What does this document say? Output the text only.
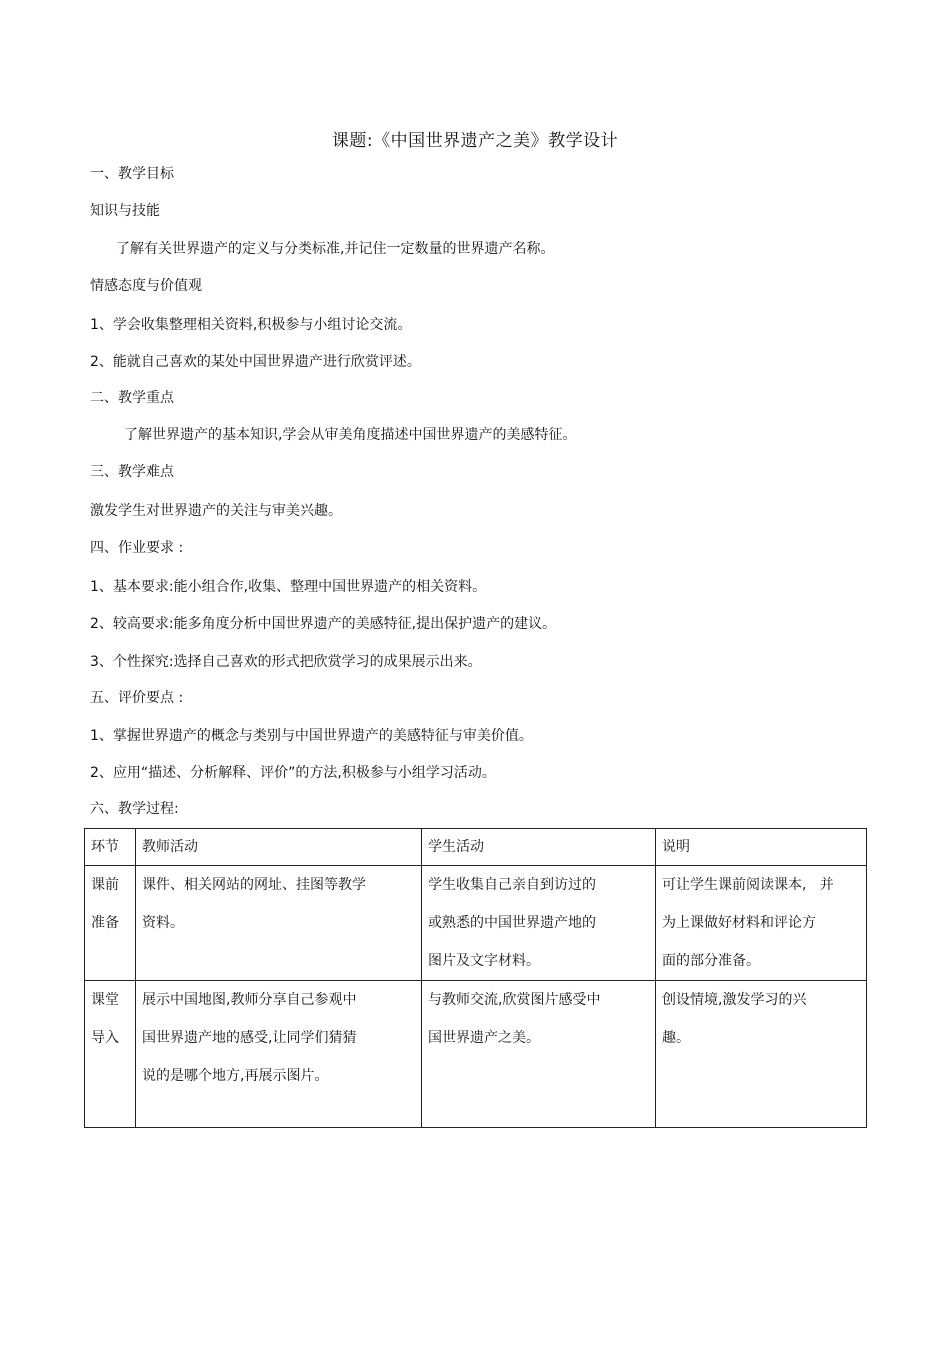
课题:《中国世界遗产之美》教学设计
一、教学目标
知识与技能
了解有关世界遗产的定义与分类标准,并记住一定数量的世界遗产名称。
情感态度与价值观
1、学会收集整理相关资料,积极参与小组讨论交流。
2、能就自己喜欢的某处中国世界遗产进行欣赏评述。
二、教学重点
了解世界遗产的基本知识,学会从审美角度描述中国世界遗产的美感特征。
三、教学难点
激发学生对世界遗产的关注与审美兴趣。
四、作业要求 :
1、基本要求:能小组合作,收集、整理中国世界遗产的相关资料。
2、较高要求:能多角度分析中国世界遗产的美感特征,提出保护遗产的建议。
3、个性探究:选择自己喜欢的形式把欣赏学习的成果展示出来。
五、评价要点 :
1、掌握世界遗产的概念与类别与中国世界遗产的美感特征与审美价值。
2、应用“描述、分析解释、评价”的方法,积极参与小组学习活动。
六、教学过程:
环节	教师活动	学生活动	说明

课前
准备	课件、相关网站的网址、挂图等教学
资料。	学生收集自己亲自到访过的
或熟悉的中国世界遗产地的
图片及文字材料。	可让学生课前阅读课本,   并
为上课做好材料和评论方
面的部分准备。

课堂
导入	展示中国地图,教师分享自己参观中
国世界遗产地的感受,让同学们猜猜
说的是哪个地方,再展示图片。	与教师交流,欣赏图片感受中
国世界遗产之美。	创设情境,激发学习的兴
趣。
